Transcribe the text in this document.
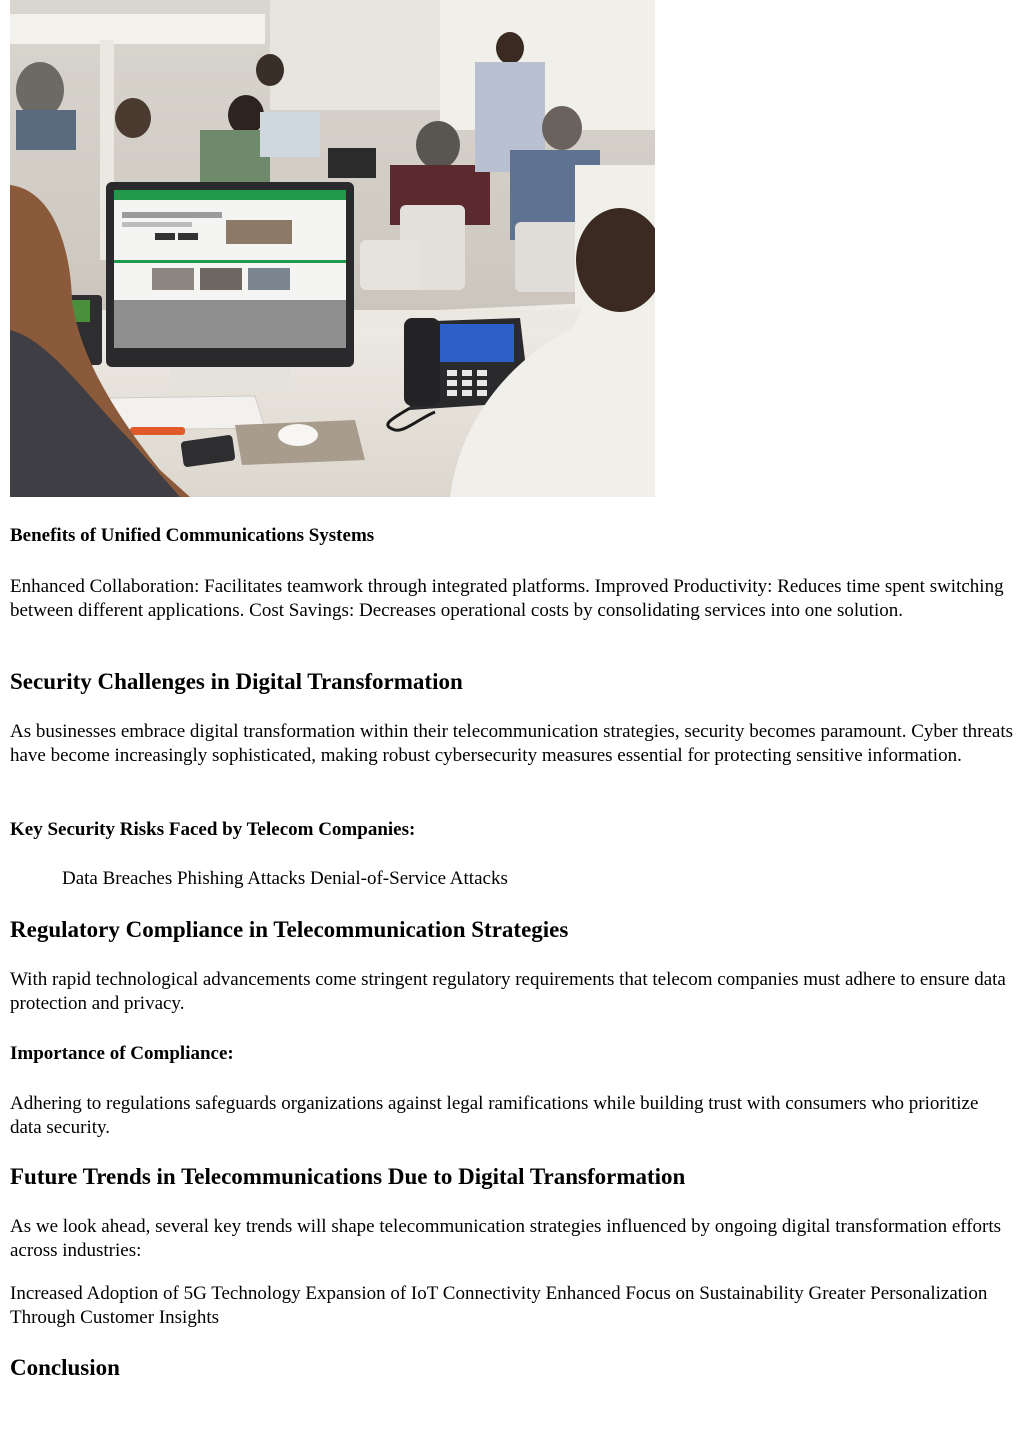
Benefits of Unified Communications Systems

Enhanced Collaboration: Facilitates teamwork through integrated platforms. Improved Productivity: Reduces time spent switching between different applications. Cost Savings: Decreases operational costs by consolidating services into one solution.

Security Challenges in Digital Transformation

As businesses embrace digital transformation within their telecommunication strategies, security becomes paramount. Cyber threats have become increasingly sophisticated, making robust cybersecurity measures essential for protecting sensitive information.

Key Security Risks Faced by Telecom Companies:

Data Breaches Phishing Attacks Denial-of-Service Attacks

Regulatory Compliance in Telecommunication Strategies

With rapid technological advancements come stringent regulatory requirements that telecom companies must adhere to ensure data protection and privacy.

Importance of Compliance:

Adhering to regulations safeguards organizations against legal ramifications while building trust with consumers who prioritize data security.

Future Trends in Telecommunications Due to Digital Transformation

As we look ahead, several key trends will shape telecommunication strategies influenced by ongoing digital transformation efforts across industries:

Increased Adoption of 5G Technology Expansion of IoT Connectivity Enhanced Focus on Sustainability Greater Personalization Through Customer Insights

Conclusion
